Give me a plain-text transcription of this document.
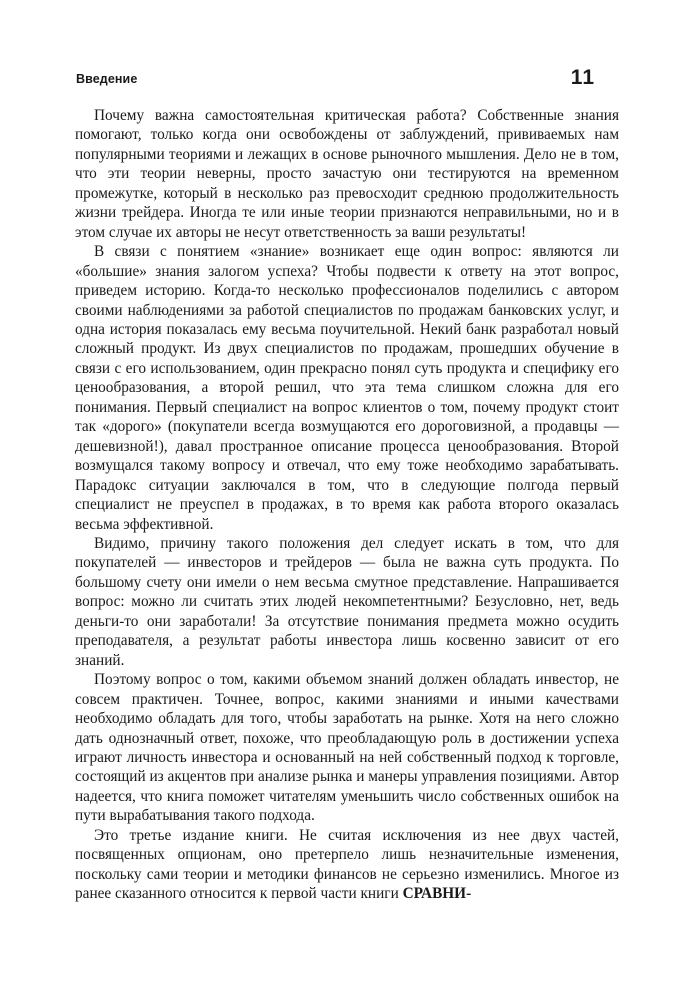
Введение	11

Почему важна самостоятельная критическая работа? Собственные знания помогают, только когда они освобождены от заблуждений, прививаемых нам популярными теориями и лежащих в основе рыночного мышления. Дело не в том, что эти теории неверны, просто зачастую они тестируются на временном промежутке, который в несколько раз превосходит среднюю продолжительность жизни трейдера. Иногда те или иные теории признаются неправильными, но и в этом случае их авторы не несут ответственность за ваши результаты!

В связи с понятием «знание» возникает еще один вопрос: являются ли «большие» знания залогом успеха? Чтобы подвести к ответу на этот вопрос, приведем историю. Когда-то несколько профессионалов поделились с автором своими наблюдениями за работой специалистов по продажам банковских услуг, и одна история показалась ему весьма поучительной. Некий банк разработал новый сложный продукт. Из двух специалистов по продажам, прошедших обучение в связи с его использованием, один прекрасно понял суть продукта и специфику его ценообразования, а второй решил, что эта тема слишком сложна для его понимания. Первый специалист на вопрос клиентов о том, почему продукт стоит так «дорого» (покупатели всегда возмущаются его дороговизной, а продавцы — дешевизной!), давал пространное описание процесса ценообразования. Второй возмущался такому вопросу и отвечал, что ему тоже необходимо зарабатывать. Парадокс ситуации заключался в том, что в следующие полгода первый специалист не преуспел в продажах, в то время как работа второго оказалась весьма эффективной.

Видимо, причину такого положения дел следует искать в том, что для покупателей — инвесторов и трейдеров — была не важна суть продукта. По большому счету они имели о нем весьма смутное представление. Напрашивается вопрос: можно ли считать этих людей некомпетентными? Безусловно, нет, ведь деньги-то они заработали! За отсутствие понимания предмета можно осудить преподавателя, а результат работы инвестора лишь косвенно зависит от его знаний.

Поэтому вопрос о том, какими объемом знаний должен обладать инвестор, не совсем практичен. Точнее, вопрос, какими знаниями и иными качествами необходимо обладать для того, чтобы заработать на рынке. Хотя на него сложно дать однозначный ответ, похоже, что преобладающую роль в достижении успеха играют личность инвестора и основанный на ней собственный подход к торговле, состоящий из акцентов при анализе рынка и манеры управления позициями. Автор надеется, что книга поможет читателям уменьшить число собственных ошибок на пути вырабатывания такого подхода.

Это третье издание книги. Не считая исключения из нее двух частей, посвященных опционам, оно претерпело лишь незначительные изменения, поскольку сами теории и методики финансов не серьезно изменились. Многое из ранее сказанного относится к первой части книги СРАВНИ-
